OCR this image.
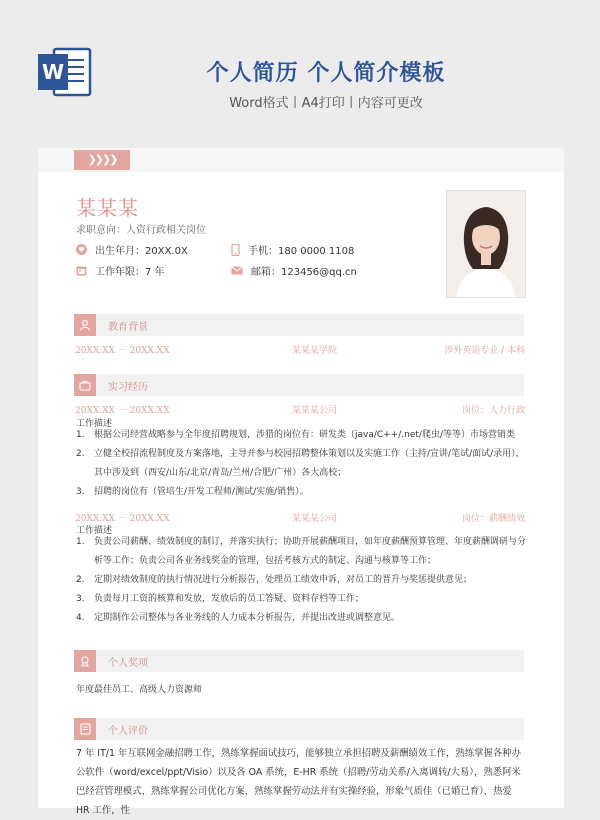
W	个人简历 个人简介模板
Word格式丨A4打印丨内容可更改
❯❯❯❯
某某某
求职意向：人资行政相关岗位
出生年月：20XX.0X	手机：180 0000 1108
工作年限：7 年	邮箱：123456@qq.cn
教育背景
20XX.XX － 20XX.XX	某某某学院	涉外英语专业 / 本科
实习经历
20XX.XX － 20XX.XX	某某某公司	岗位：人力行政
工作描述
1.	根据公司经营战略参与全年度招聘规划，涉猎的岗位有：研发类（java/C++/.net/爬虫/等等）市场营销类
2.	立健全校招流程制度及方案落地，主导并参与校园招聘整体策划以及实施工作（主持/宣讲/笔试/面试/录用），其中涉及到（西安/山东/北京/青岛/兰州/合肥/广州）各大高校；
3.	招聘的岗位有（管培生/开发工程师/测试/实施/销售）。
20XX.XX － 20XX.XX	某某某公司	岗位：薪酬绩效
工作描述
1.	负责公司薪酬、绩效制度的制订，并落实执行；协助开展薪酬项目，如年度薪酬预算管理、年度薪酬调研与分析等工作；负责公司各业务线奖金的管理，包括考核方式的制定、沟通与核算等工作；
2.	定期对绩效制度的执行情况进行分析报告，处理员工绩效申诉，对员工的晋升与奖惩提供意见；
3.	负责每月工资的核算和发放，发放后的员工答疑、资料存档等工作；
4.	定期制作公司整体与各业务线的人力成本分析报告，并提出改进或调整意见。
个人奖项
年度最佳员工、高级人力资源师
个人评价
7 年 IT/1 年互联网金融招聘工作，熟练掌握面试技巧，能够独立承担招聘及薪酬绩效工作，熟练掌握各种办公软件（word/excel/ppt/Visio）以及各 OA 系统，E-HR 系统（招聘/劳动关系/入离调转/大易），熟悉阿米巴经营管理模式，熟练掌握公司优化方案，熟练掌握劳动法并有实操经验，形象气质佳（已婚已育），热爱 HR 工作，性
